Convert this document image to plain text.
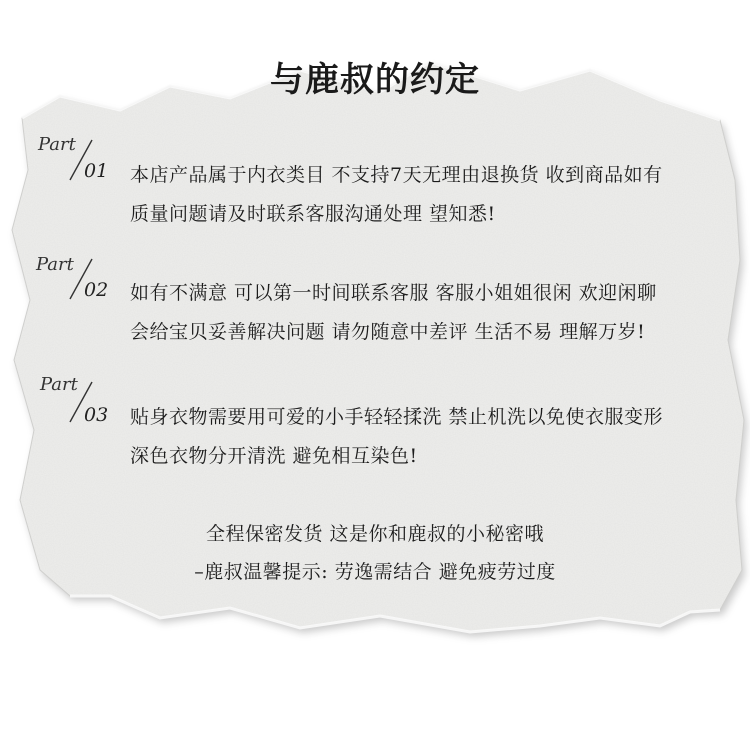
与鹿叔的约定
Part
01 本店产品属于内衣类目 不支持7天无理由退换货 收到商品如有
质量问题请及时联系客服沟通处理 望知悉!
Part
02 如有不满意 可以第一时间联系客服 客服小姐姐很闲 欢迎闲聊
会给宝贝妥善解决问题 请勿随意中差评 生活不易 理解万岁!
Part
03 贴身衣物需要用可爱的小手轻轻揉洗 禁止机洗以免使衣服变形
深色衣物分开清洗 避免相互染色!
全程保密发货 这是你和鹿叔的小秘密哦
–鹿叔温馨提示: 劳逸需结合 避免疲劳过度
